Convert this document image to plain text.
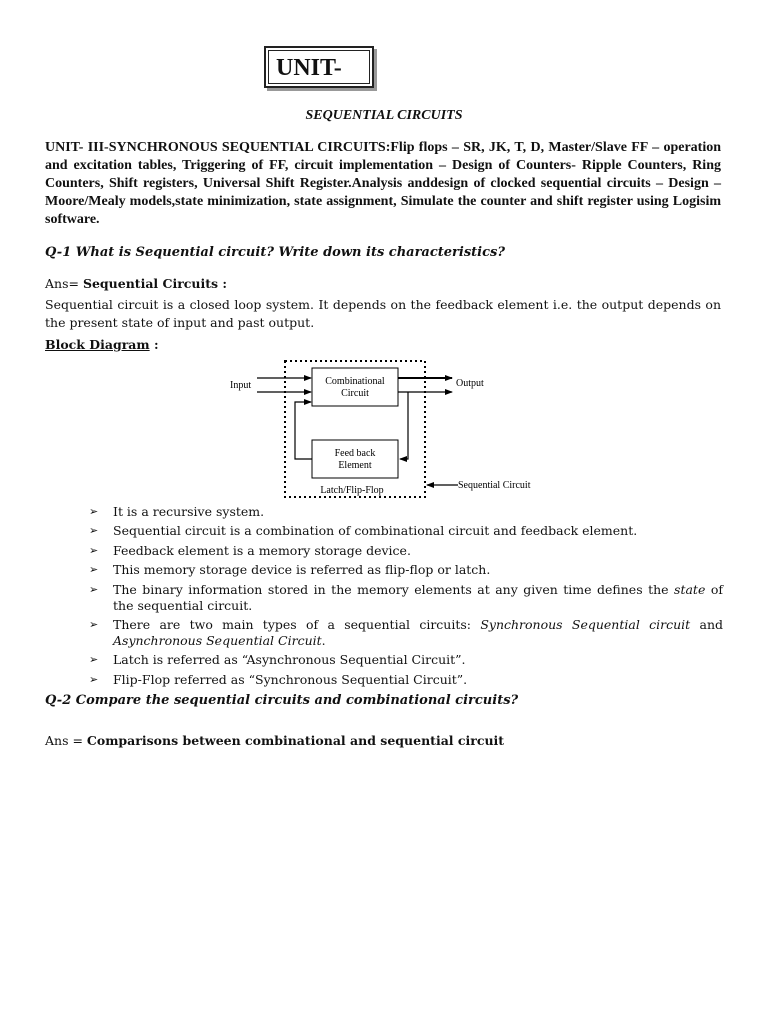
UNIT-
SEQUENTIAL CIRCUITS
UNIT- III-SYNCHRONOUS SEQUENTIAL CIRCUITS:Flip flops – SR, JK, T, D, Master/Slave FF – operation and excitation tables, Triggering of FF, circuit implementation – Design of Counters- Ripple Counters, Ring Counters, Shift registers, Universal Shift Register.Analysis anddesign of clocked sequential circuits – Design – Moore/Mealy models,state minimization, state assignment, Simulate the counter and shift register using Logisim software.
Q-1 What is Sequential circuit? Write down its characteristics?
Ans= Sequential Circuits :
Sequential circuit is a closed loop system. It depends on the feedback element i.e. the output depends on the present state of input and past output.
Block Diagram :
Combinational
Circuit
Feed back
Element
Input	Output
Latch/Flip-Flop	Sequential Circuit
➢ It is a recursive system.
➢ Sequential circuit is a combination of combinational circuit and feedback element.
➢ Feedback element is a memory storage device.
➢ This memory storage device is referred as flip-flop or latch.
➢ The binary information stored in the memory elements at any given time defines the state of the sequential circuit.
➢ There are two main types of a sequential circuits: Synchronous Sequential circuit and Asynchronous Sequential Circuit.
➢ Latch is referred as “Asynchronous Sequential Circuit”.
➢ Flip-Flop referred as “Synchronous Sequential Circuit”.
Q-2 Compare the sequential circuits and combinational circuits?
Ans = Comparisons between combinational and sequential circuit
